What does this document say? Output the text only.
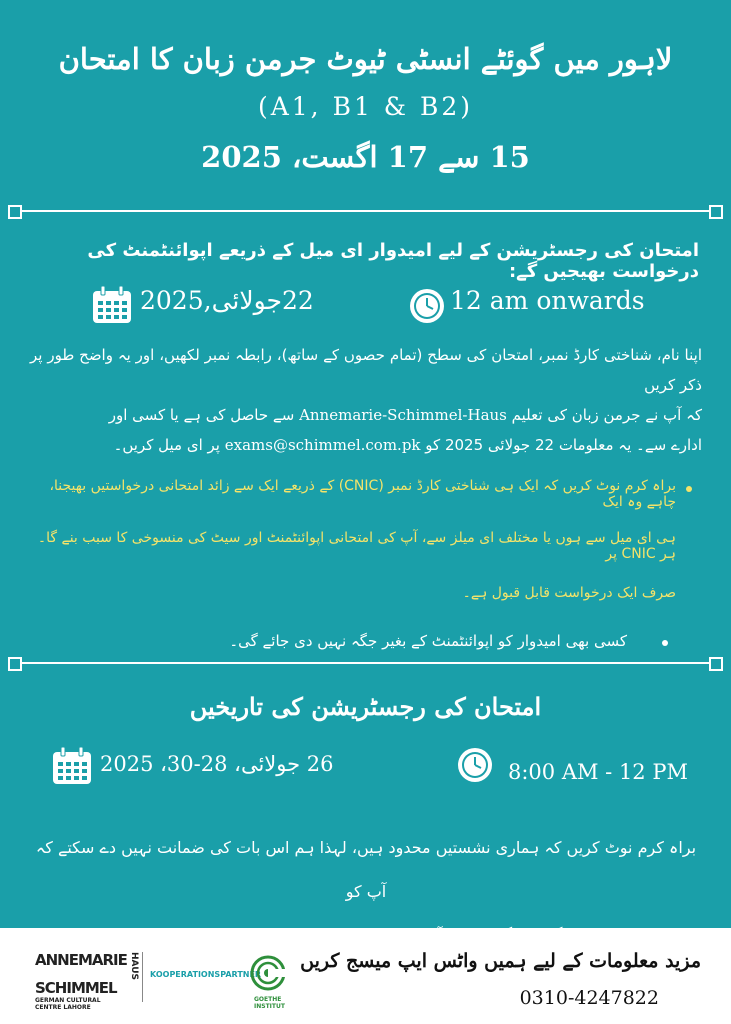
لاہور میں گوئٹے انسٹی ٹیوٹ جرمن زبان کا امتحان
(A1, B1 & B2)
15 سے 17 اگست، 2025
امتحان کی رجسٹریشن کے لیے امیدوار ای میل کے ذریعے اپوائنٹمنٹ کی درخواست بھیجیں گے:
22جولائی,2025	12 am onwards
اپنا نام، شناختی کارڈ نمبر، امتحان کی سطح (تمام حصوں کے ساتھ)، رابطہ نمبر لکھیں، اور یہ واضح طور پر ذکر کریں
کہ آپ نے جرمن زبان کی تعلیم Annemarie-Schimmel-Haus سے حاصل کی ہے یا کسی اور
ادارے سے۔ یہ معلومات 22 جولائی 2025 کو exams@schimmel.com.pk پر ای میل کریں۔
براہ کرم نوٹ کریں کہ ایک ہی شناختی کارڈ نمبر (CNIC) کے ذریعے ایک سے زائد امتحانی درخواستیں بھیجنا، چاہے وہ ایک
ہی ای میل سے ہوں یا مختلف ای میلز سے، آپ کی امتحانی اپوائنٹمنٹ اور سیٹ کی منسوخی کا سبب بنے گا۔ ہر CNIC پر
صرف ایک درخواست قابل قبول ہے۔
کسی بھی امیدوار کو اپوائنٹمنٹ کے بغیر جگہ نہیں دی جائے گی۔
امتحان کی رجسٹریشن کی تاریخیں
26 جولائی، 28-30، 2025	8:00 AM - 12 PM
براہ کرم نوٹ کریں کہ ہماری نشستیں محدود ہیں، لہذا ہم اس بات کی ضمانت نہیں دے سکتے کہ آپ کو
جگہ ملے گی، چاہے آپ نے مقررہ تاریخ میں ای میل بھیجی ہو۔
ANNEMARIE HAUS
SCHIMMEL
GERMAN CULTURAL CENTRE LAHORE
KOOPERATIONSPARTNER
GOETHE
INSTITUT
مزید معلومات کے لیے ہمیں واٹس ایپ میسج کریں
0310-4247822
